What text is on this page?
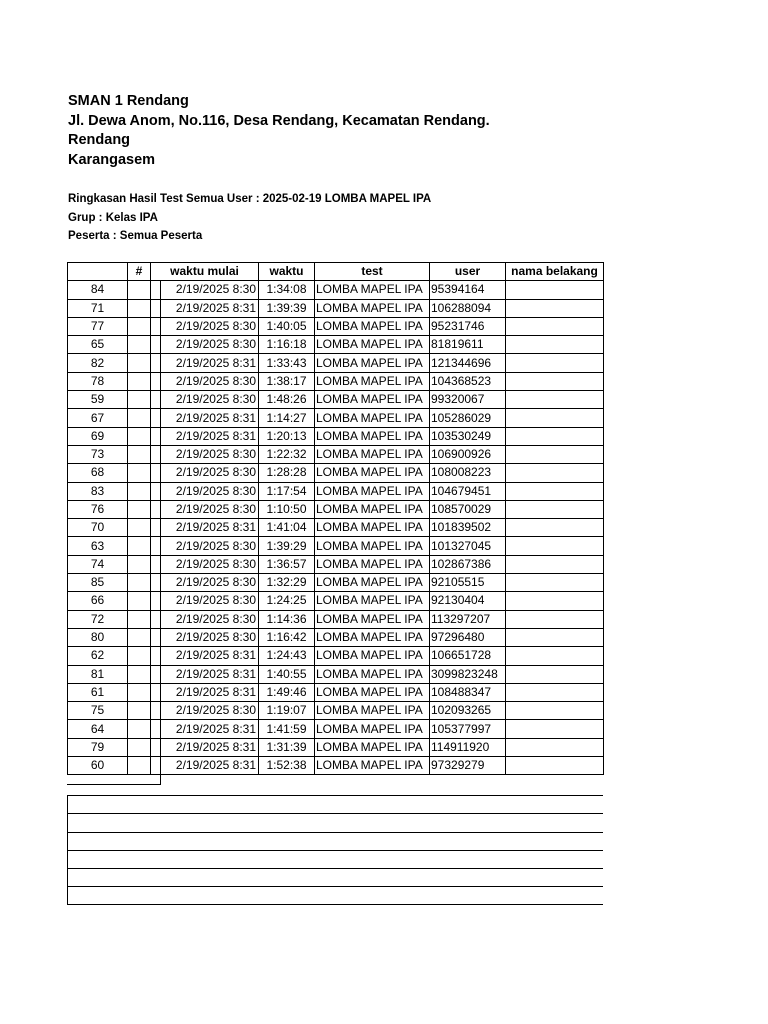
SMAN 1 Rendang
Jl. Dewa Anom, No.116, Desa Rendang, Kecamatan Rendang.
Rendang
Karangasem
Ringkasan Hasil Test Semua User : 2025-02-19 LOMBA MAPEL IPA
Grup : Kelas IPA
Peserta : Semua Peserta
	#	waktu mulai	waktu	test	user	nama belakang
84		2/19/2025 8:30	1:34:08	LOMBA MAPEL IPA	95394164	
71		2/19/2025 8:31	1:39:39	LOMBA MAPEL IPA	106288094	
77		2/19/2025 8:30	1:40:05	LOMBA MAPEL IPA	95231746	
65		2/19/2025 8:30	1:16:18	LOMBA MAPEL IPA	81819611	
82		2/19/2025 8:31	1:33:43	LOMBA MAPEL IPA	121344696	
78		2/19/2025 8:30	1:38:17	LOMBA MAPEL IPA	104368523	
59		2/19/2025 8:30	1:48:26	LOMBA MAPEL IPA	99320067	
67		2/19/2025 8:31	1:14:27	LOMBA MAPEL IPA	105286029	
69		2/19/2025 8:31	1:20:13	LOMBA MAPEL IPA	103530249	
73		2/19/2025 8:30	1:22:32	LOMBA MAPEL IPA	106900926	
68		2/19/2025 8:30	1:28:28	LOMBA MAPEL IPA	108008223	
83		2/19/2025 8:30	1:17:54	LOMBA MAPEL IPA	104679451	
76		2/19/2025 8:30	1:10:50	LOMBA MAPEL IPA	108570029	
70		2/19/2025 8:31	1:41:04	LOMBA MAPEL IPA	101839502	
63		2/19/2025 8:30	1:39:29	LOMBA MAPEL IPA	101327045	
74		2/19/2025 8:30	1:36:57	LOMBA MAPEL IPA	102867386	
85		2/19/2025 8:30	1:32:29	LOMBA MAPEL IPA	92105515	
66		2/19/2025 8:30	1:24:25	LOMBA MAPEL IPA	92130404	
72		2/19/2025 8:30	1:14:36	LOMBA MAPEL IPA	113297207	
80		2/19/2025 8:30	1:16:42	LOMBA MAPEL IPA	97296480	
62		2/19/2025 8:31	1:24:43	LOMBA MAPEL IPA	106651728	
81		2/19/2025 8:31	1:40:55	LOMBA MAPEL IPA	3099823248	
61		2/19/2025 8:31	1:49:46	LOMBA MAPEL IPA	108488347	
75		2/19/2025 8:30	1:19:07	LOMBA MAPEL IPA	102093265	
64		2/19/2025 8:31	1:41:59	LOMBA MAPEL IPA	105377997	
79		2/19/2025 8:31	1:31:39	LOMBA MAPEL IPA	114911920	
60		2/19/2025 8:31	1:52:38	LOMBA MAPEL IPA	97329279	
